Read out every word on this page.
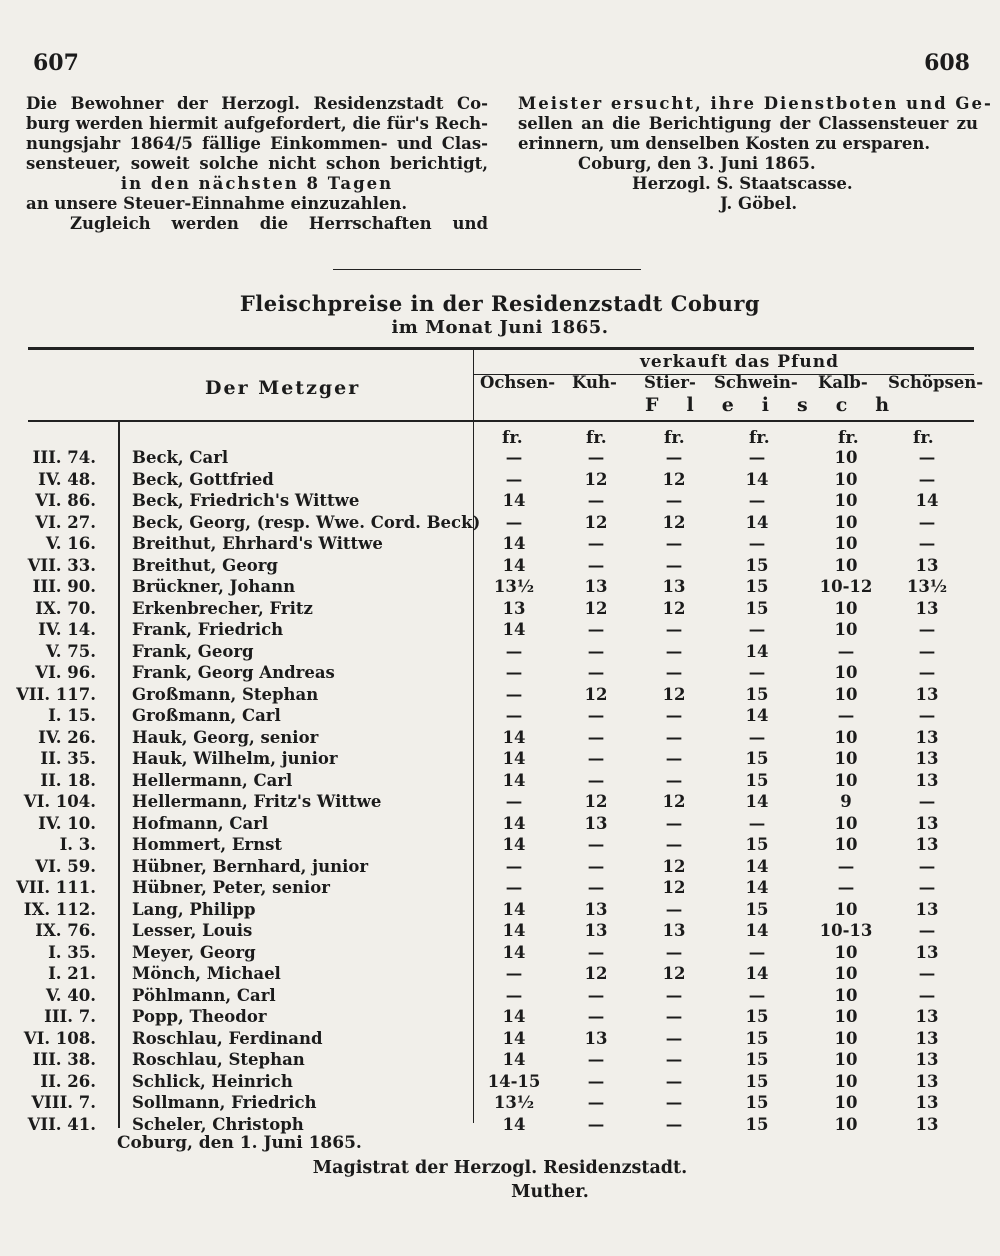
607	608
Die Bewohner der Herzogl. Residenzstadt Co-
burg werden hiermit aufgefordert, die für's Rech-
nungsjahr 1864/5 fällige Einkommen- und Clas-
sensteuer, soweit solche nicht schon berichtigt,
in den nächsten 8 Tagen
an unsere Steuer-Einnahme einzuzahlen.
Zugleich werden die Herrschaften und
Meister ersucht, ihre Dienstboten und Ge-
sellen an die Berichtigung der Classensteuer zu
erinnern, um denselben Kosten zu ersparen.
Coburg, den 3. Juni 1865.
Herzogl. S. Staatscasse.
J. Göbel.
Fleischpreise in der Residenzstadt Coburg
im Monat Juni 1865.
Der Metzger
verkauft das Pfund
Fleisch
Ochsen- Kuh- Stier- Schwein- Kalb- Schöpsen-
fr.	fr.	fr.	fr.	fr.	fr.
III. 74. Beck, Carl	—	—	—	—	10	—
IV. 48. Beck, Gottfried	—	12	12	14	10	—
VI. 86. Beck, Friedrich's Wittwe	14	—	—	—	10	14
VI. 27. Beck, Georg, (resp. Wwe. Cord. Beck)	—	12	12	14	10	—
V. 16. Breithut, Ehrhard's Wittwe	14	—	—	—	10	—
VII. 33. Breithut, Georg	14	—	—	15	10	13
III. 90. Brückner, Johann	13½	13	13	15	10-12	13½
IX. 70. Erkenbrecher, Fritz	13	12	12	15	10	13
IV. 14. Frank, Friedrich	14	—	—	—	10	—
V. 75. Frank, Georg	—	—	—	14	—	—
VI. 96. Frank, Georg Andreas	—	—	—	—	10	—
VII. 117. Großmann, Stephan	—	12	12	15	10	13
I. 15. Großmann, Carl	—	—	—	14	—	—
IV. 26. Hauk, Georg, senior	14	—	—	—	10	13
II. 35. Hauk, Wilhelm, junior	14	—	—	15	10	13
II. 18. Hellermann, Carl	14	—	—	15	10	13
VI. 104. Hellermann, Fritz's Wittwe	—	12	12	14	9	—
IV. 10. Hofmann, Carl	14	13	—	—	10	13
I. 3. Hommert, Ernst	14	—	—	15	10	13
VI. 59. Hübner, Bernhard, junior	—	—	12	14	—	—
VII. 111. Hübner, Peter, senior	—	—	12	14	—	—
IX. 112. Lang, Philipp	14	13	—	15	10	13
IX. 76. Lesser, Louis	14	13	13	14	10-13	—
I. 35. Meyer, Georg	14	—	—	—	10	13
I. 21. Mönch, Michael	—	12	12	14	10	—
V. 40. Pöhlmann, Carl	—	—	—	—	10	—
III. 7. Popp, Theodor	14	—	—	15	10	13
VI. 108. Roschlau, Ferdinand	14	13	—	15	10	13
III. 38. Roschlau, Stephan	14	—	—	15	10	13
II. 26. Schlick, Heinrich	14-15	—	—	15	10	13
VIII. 7. Sollmann, Friedrich	13½	—	—	15	10	13
VII. 41. Scheler, Christoph	14	—	—	15	10	13
Coburg, den 1. Juni 1865.
Magistrat der Herzogl. Residenzstadt.
Muther.
